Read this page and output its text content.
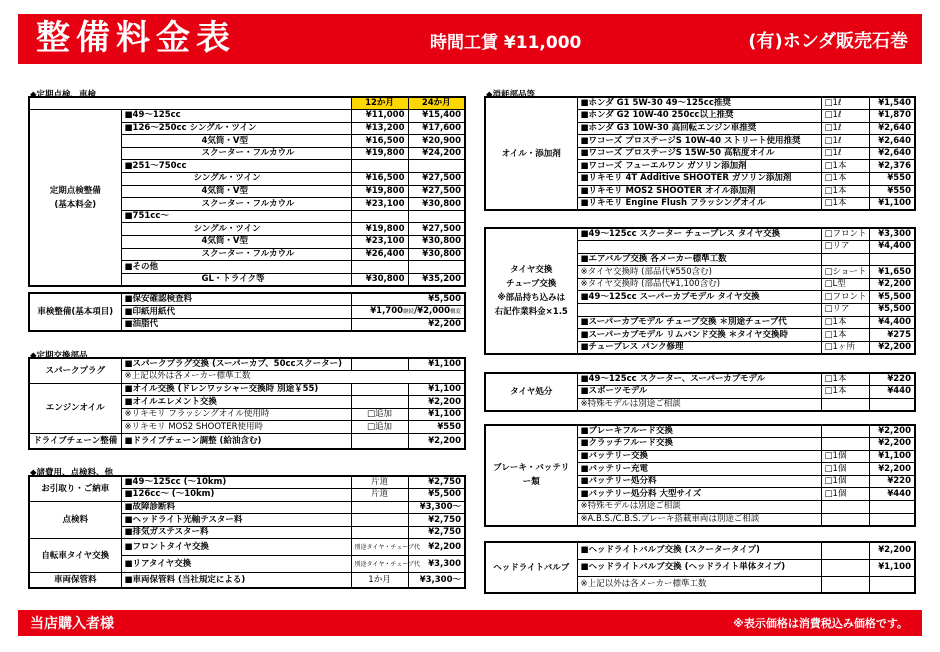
整備料金表	時間工賃 ¥11,000	(有)ホンダ販売石巻
◆定期点検、車検
		12か月	24か月
定期点検整備
(基本料金)	■49～125cc	¥11,000	¥15,400
	■126～250cc シングル・ツイン	¥13,200	¥17,600
	4気筒・V型	¥16,500	¥20,900
	スクーター・フルカウル	¥19,800	¥24,200
	■251～750cc		
	シングル・ツイン	¥16,500	¥27,500
	4気筒・V型	¥19,800	¥27,500
	スクーター・フルカウル	¥23,100	¥30,800
	■751cc～		
	シングル・ツイン	¥19,800	¥27,500
	4気筒・V型	¥23,100	¥30,800
	スクーター・フルカウル	¥26,400	¥30,800
	■その他		
	GL・トライク等	¥30,800	¥35,200
車検整備(基本項目)	■保安確認検査料	¥5,500
	■印紙用紙代	¥1,700継続/¥2,000構変
	■油脂代	¥2,200
◆定期交換部品
スパークプラグ	■スパークプラグ交換 (スーパーカブ、50ccスクーター)		¥1,100
	※上記以外は各メーカー標準工数		
エンジンオイル	■オイル交換 (ドレンワッシャー交換時 別途￥55)		¥1,100
	■オイルエレメント交換		¥2,200
	※リキモリ フラッシングオイル使用時	□追加	¥1,100
	※リキモリ MOS2 SHOOTER使用時	□追加	¥550
ドライブチェーン整備	■ドライブチェーン調整 (給油含む)		¥2,200
◆諸費用、点検料、他
お引取り・ご納車	■49～125cc (～10km)	片道	¥2,750
	■126cc～ (～10km)	片道	¥5,500
点検料	■故障診断料		¥3,300～
	■ヘッドライト光軸テスター料		¥2,750
	■排気ガステスター料		¥2,750
自転車タイヤ交換	■フロントタイヤ交換	別途タイヤ・チューブ代	¥2,200
	■リアタイヤ交換	別途タイヤ・チューブ代	¥3,300
車両保管料	■車両保管料 (当社規定による)	1か月	¥3,300～
◆消耗部品等
オイル・添加剤	■ホンダ G1 5W-30 49～125cc推奨	□1ℓ	¥1,540
	■ホンダ G2 10W-40 250cc以上推奨	□1ℓ	¥1,870
	■ホンダ G3 10W-30 高回転エンジン車推奨	□1ℓ	¥2,640
	■ワコーズ プロステージS 10W-40 ストリート使用推奨	□1ℓ	¥2,640
	■ワコーズ プロステージS 15W-50 高粘度オイル	□1ℓ	¥2,640
	■ワコーズ フューエルワン ガソリン添加剤	□1本	¥2,376
	■リキモリ 4T Additive SHOOTER ガソリン添加剤	□1本	¥550
	■リキモリ MOS2 SHOOTER オイル添加剤	□1本	¥550
	■リキモリ Engine Flush フラッシングオイル	□1本	¥1,100
タイヤ交換
チューブ交換
※部品持ち込みは
右記作業料金×1.5	■49～125cc スクーター チューブレス タイヤ交換	□フロント	¥3,300
		□リア	¥4,400
	■エアバルブ交換 各メーカー標準工数		
	※タイヤ交換時 (部品代¥550含む)	□ショート	¥1,650
	※タイヤ交換時 (部品代¥1,100含む)	□L型	¥2,200
	■49～125cc スーパーカブモデル タイヤ交換	□フロント	¥5,500
		□リア	¥5,500
	■スーパーカブモデル チューブ交換 ＊別途チューブ代	□1本	¥4,400
	■スーパーカブモデル リムバンド交換 ＊タイヤ交換時	□1本	¥275
	■チューブレス パンク修理	□1ヶ所	¥2,200
タイヤ処分	■49～125cc スクーター、スーパーカブモデル	□1本	¥220
	■スポーツモデル	□1本	¥440
	※特殊モデルは別途ご相談		
ブレーキ・バッテリー類	■ブレーキフルード交換		¥2,200
	■クラッチフルード交換		¥2,200
	■バッテリー交換	□1個	¥1,100
	■バッテリー充電	□1個	¥2,200
	■バッテリー処分料	□1個	¥220
	■バッテリー処分料 大型サイズ	□1個	¥440
	※特殊モデルは別途ご相談		
	※A.B.S./C.B.S.ブレーキ搭載車両は別途ご相談		
ヘッドライトバルブ	■ヘッドライトバルブ交換 (スクータータイプ)		¥2,200
	■ヘッドライトバルブ交換 (ヘッドライト単体タイプ)		¥1,100
	※上記以外は各メーカー標準工数		
当店購入者様	※表示価格は消費税込み価格です。
